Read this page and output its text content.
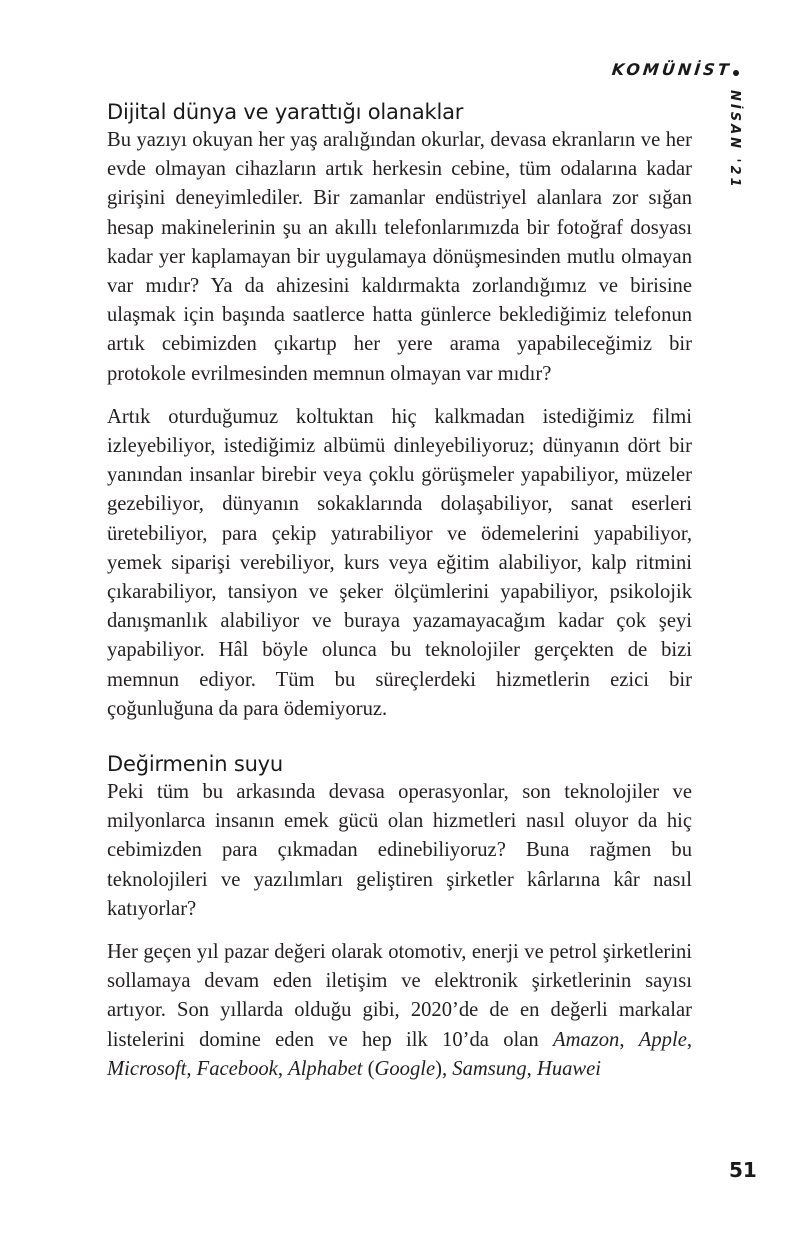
KOMÜNİST
NİSAN '21
Dijital dünya ve yarattığı olanaklar

Bu yazıyı okuyan her yaş aralığından okurlar, devasa ekranların ve her evde olmayan cihazların artık herkesin cebine, tüm odalarına kadar girişini deneyimlediler. Bir zamanlar endüstriyel alanlara zor sığan hesap makinelerinin şu an akıllı telefonlarımızda bir fotoğraf dosyası kadar yer kaplamayan bir uygulamaya dönüşmesinden mutlu olmayan var mıdır? Ya da ahizesini kaldırmakta zorlandığımız ve birisine ulaşmak için başında saatlerce hatta günlerce beklediğimiz telefonun artık cebimizden çıkartıp her yere arama yapabileceğimiz bir protokole evrilmesinden memnun olmayan var mıdır?

Artık oturduğumuz koltuktan hiç kalkmadan istediğimiz filmi izleyebiliyor, istediğimiz albümü dinleyebiliyoruz; dünyanın dört bir yanından insanlar birebir veya çoklu görüşmeler yapabiliyor, müzeler gezebiliyor, dünyanın sokaklarında dolaşabiliyor, sanat eserleri üretebiliyor, para çekip yatırabiliyor ve ödemelerini yapabiliyor, yemek siparişi verebiliyor, kurs veya eğitim alabiliyor, kalp ritmini çıkarabiliyor, tansiyon ve şeker ölçümlerini yapabiliyor, psikolojik danışmanlık alabiliyor ve buraya yazamayacağım kadar çok şeyi yapabiliyor. Hâl böyle olunca bu teknolojiler gerçekten de bizi memnun ediyor. Tüm bu süreçlerdeki hizmetlerin ezici bir çoğunluğuna da para ödemiyoruz.

Değirmenin suyu

Peki tüm bu arkasında devasa operasyonlar, son teknolojiler ve milyonlarca insanın emek gücü olan hizmetleri nasıl oluyor da hiç cebimizden para çıkmadan edinebiliyoruz? Buna rağmen bu teknolojileri ve yazılımları geliştiren şirketler kârlarına kâr nasıl katıyorlar?

Her geçen yıl pazar değeri olarak otomotiv, enerji ve petrol şirketlerini sollamaya devam eden iletişim ve elektronik şirketlerinin sayısı artıyor. Son yıllarda olduğu gibi, 2020’de de en değerli markalar listelerini domine eden ve hep ilk 10’da olan Amazon, Apple, Microsoft, Facebook, Alphabet (Google), Samsung, Huawei

51
